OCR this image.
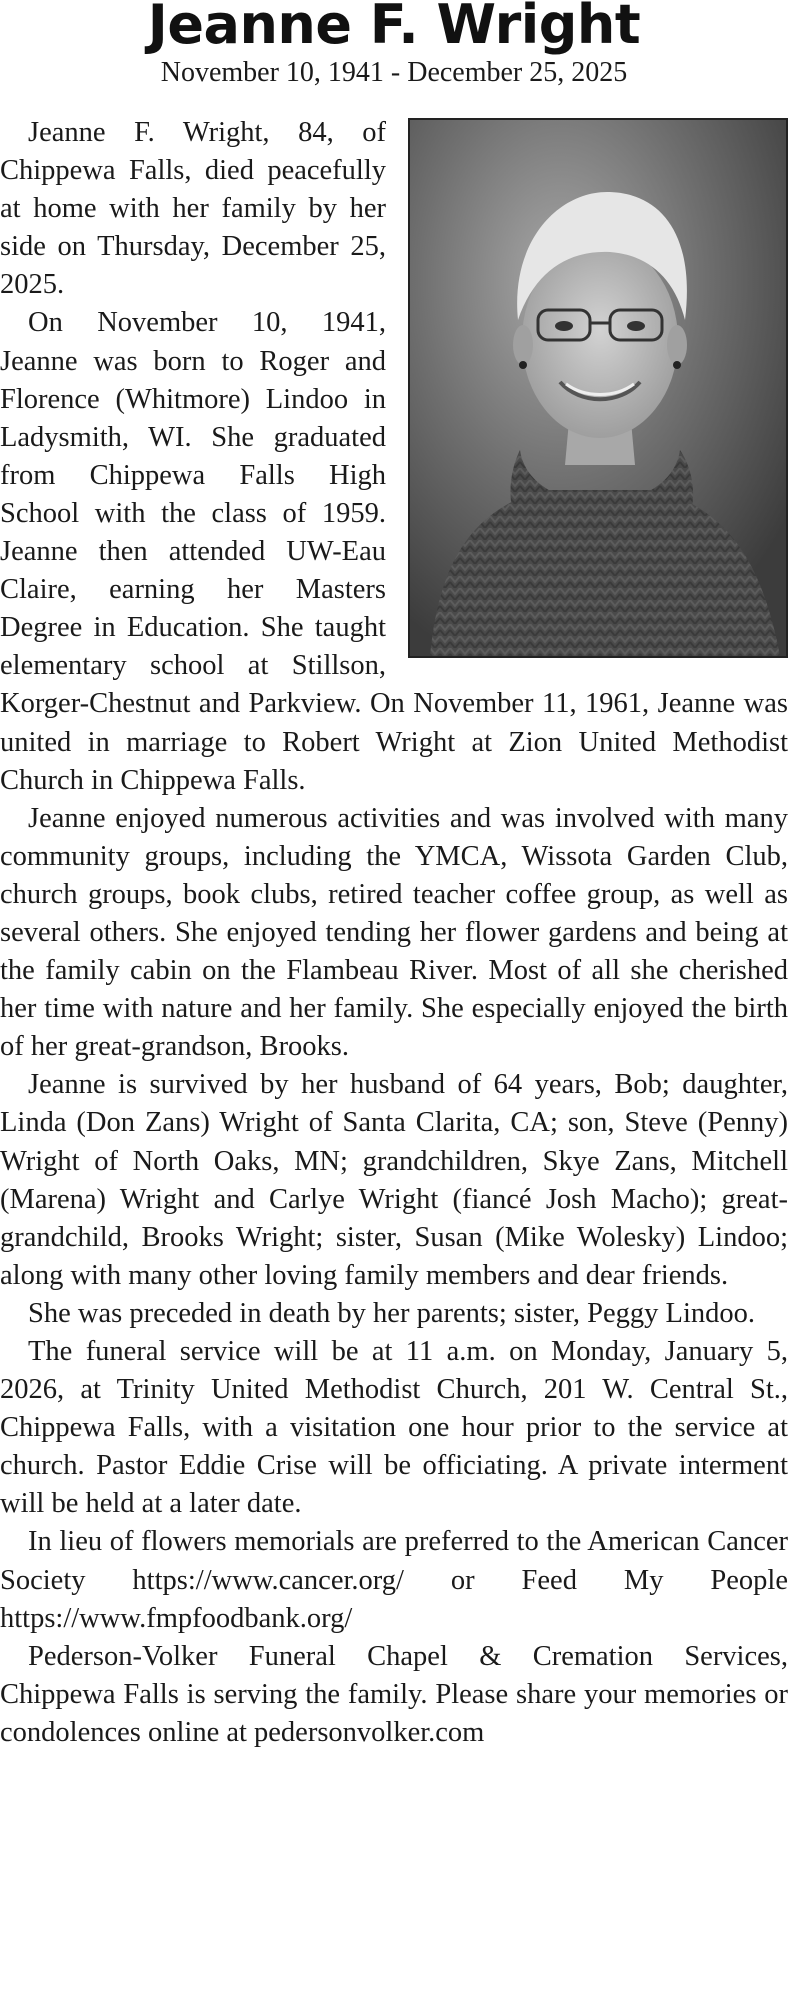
Jeanne F. Wright
November 10, 1941 - December 25, 2025

Jeanne F. Wright, 84, of Chippewa Falls, died peacefully at home with her family by her side on Thursday, December 25, 2025.

On November 10, 1941, Jeanne was born to Roger and Florence (Whitmore) Lindoo in Ladysmith, WI. She graduated from Chippewa Falls High School with the class of 1959. Jeanne then attended UW-Eau Claire, earning her Masters Degree in Education. She taught elementary school at Stillson, Korger-Chestnut and Parkview. On November 11, 1961, Jeanne was united in marriage to Robert Wright at Zion United Methodist Church in Chippewa Falls.

Jeanne enjoyed numerous activities and was involved with many community groups, including the YMCA, Wissota Garden Club, church groups, book clubs, retired teacher coffee group, as well as several others. She enjoyed tending her flower gardens and being at the family cabin on the Flambeau River. Most of all she cherished her time with nature and her family. She especially enjoyed the birth of her great-grandson, Brooks.

Jeanne is survived by her husband of 64 years, Bob; daughter, Linda (Don Zans) Wright of Santa Clarita, CA; son, Steve (Penny) Wright of North Oaks, MN; grandchildren, Skye Zans, Mitchell (Marena) Wright and Carlye Wright (fiancé Josh Macho); great-grandchild, Brooks Wright; sister, Susan (Mike Wolesky) Lindoo; along with many other loving family members and dear friends.

She was preceded in death by her parents; sister, Peggy Lindoo.

The funeral service will be at 11 a.m. on Monday, January 5, 2026, at Trinity United Methodist Church, 201 W. Central St., Chippewa Falls, with a visitation one hour prior to the service at church. Pastor Eddie Crise will be officiating. A private interment will be held at a later date.

In lieu of flowers memorials are preferred to the American Cancer Society https://www.cancer.org/ or Feed My People https://www.fmpfoodbank.org/

Pederson-Volker Funeral Chapel & Cremation Services, Chippewa Falls is serving the family. Please share your memories or condolences online at pedersonvolker.com
